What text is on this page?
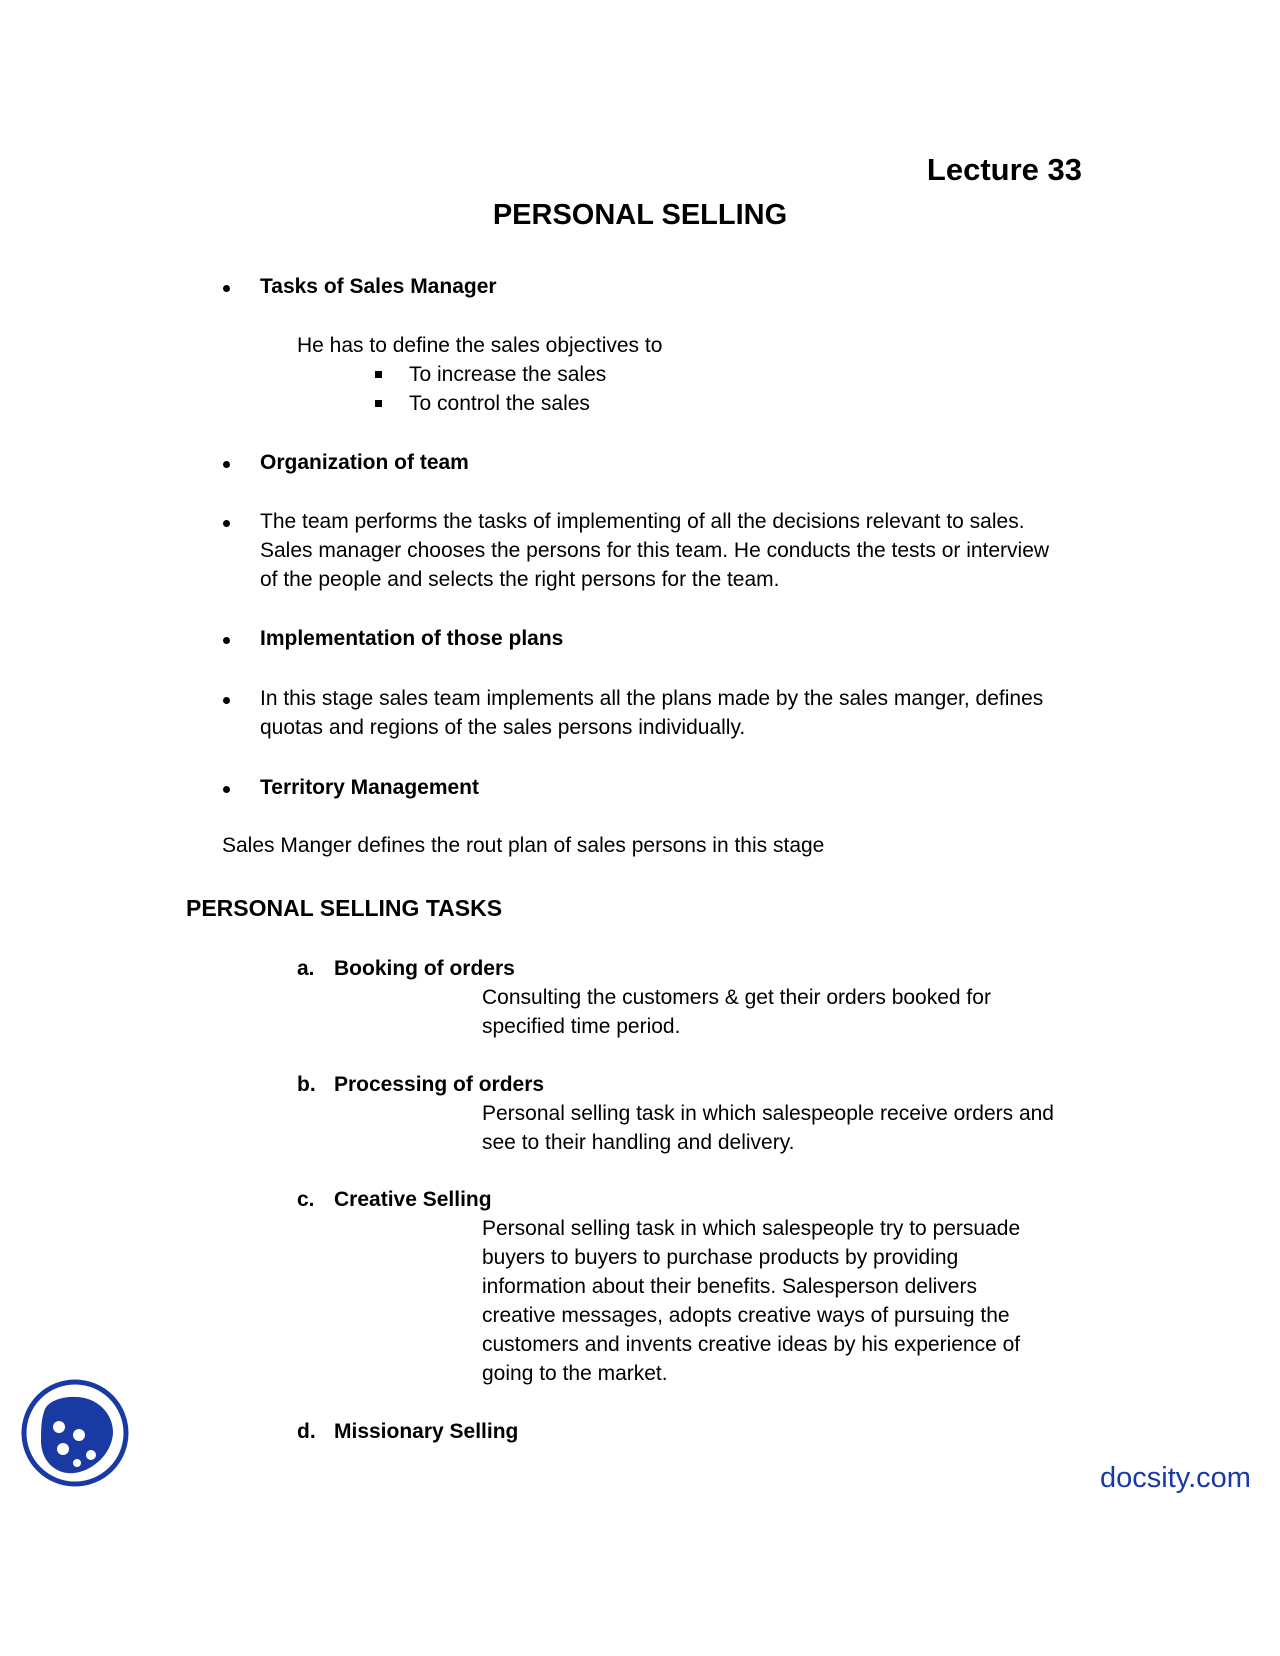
Lecture 33
PERSONAL SELLING
Tasks of Sales Manager
He has to define the sales objectives to
To increase the sales
To control the sales
Organization of team
The team performs the tasks of implementing of all the decisions relevant to sales.
Sales manager chooses the persons for this team. He conducts the tests or interview
of the people and selects the right persons for the team.
Implementation of those plans
In this stage sales team implements all the plans made by the sales manger, defines
quotas and regions of the sales persons individually.
Territory Management
Sales Manger defines the rout plan of sales persons in this stage
PERSONAL SELLING TASKS
a. Booking of orders
Consulting the customers & get their orders booked for
specified time period.
b. Processing of orders
Personal selling task in which salespeople receive orders and
see to their handling and delivery.
c. Creative Selling
Personal selling task in which salespeople try to persuade
buyers to buyers to purchase products by providing
information about their benefits. Salesperson delivers
creative messages, adopts creative ways of pursuing the
customers and invents creative ideas by his experience of
going to the market.
d. Missionary Selling
docsity.com
